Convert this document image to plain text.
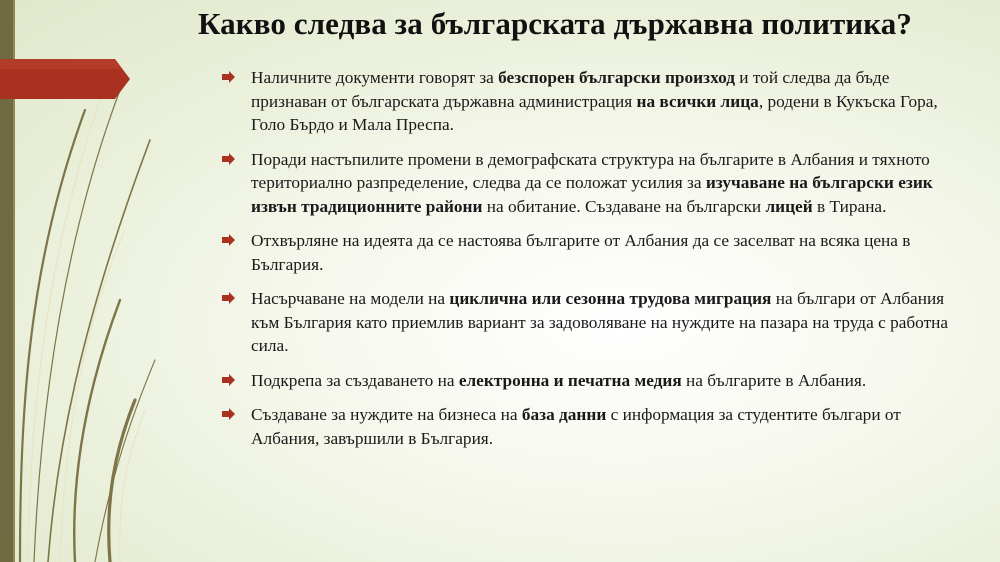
Какво следва за българската държавна политика?
Наличните документи говорят за безспорен български произход и той следва да бъде признаван от българската държавна администрация на всички лица, родени в Кукъска Гора, Голо Бърдо и Мала Преспа.
Поради настъпилите промени в демографската структура на българите в Албания и тяхното териториално разпределение, следва да се положат усилия за изучаване на български език извън традиционните райони на обитание. Създаване на български лицей в Тирана.
Отхвърляне на идеята да се настоява българите от Албания да се заселват на всяка цена в България.
Насърчаване на модели на циклична или сезонна трудова миграция на българи от Албания към България като приемлив вариант за задоволяване на нуждите на пазара на труда с работна сила.
Подкрепа за създаването на електронна и печатна медия на българите в Албания.
Създаване за нуждите на бизнеса на база данни с информация за студентите българи от Албания, завършили в България.
